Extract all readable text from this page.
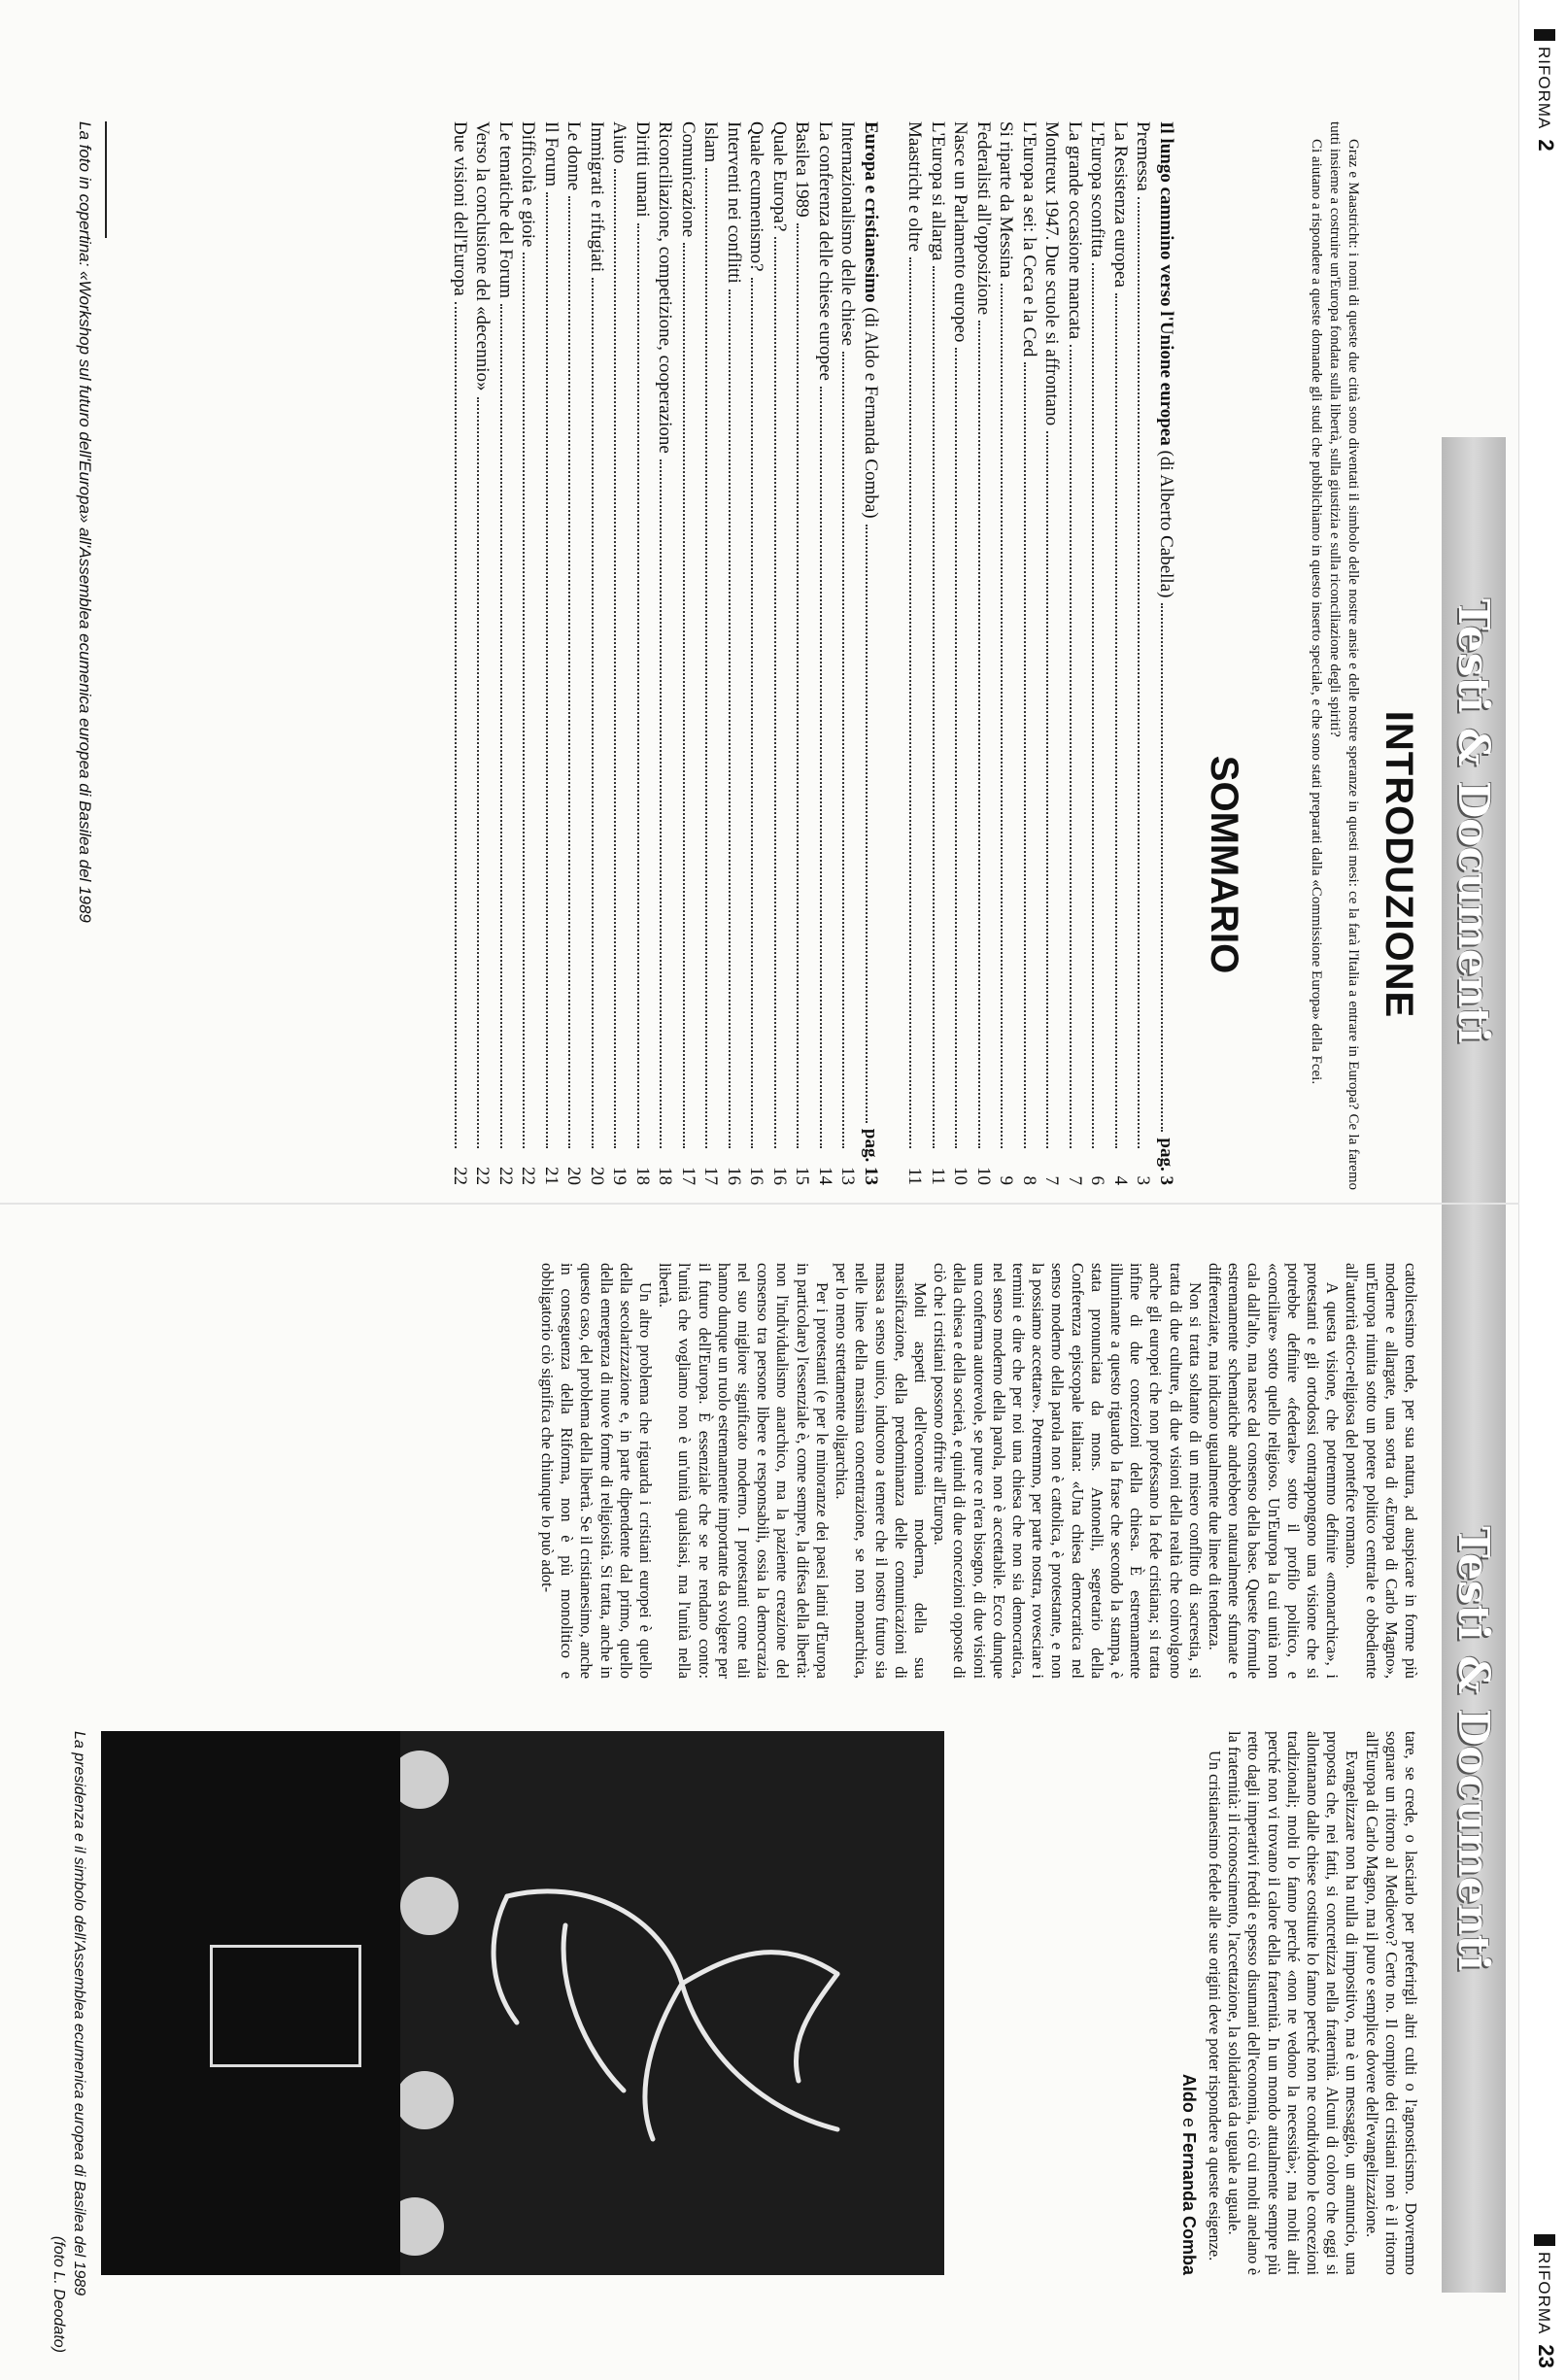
RIFORMA2
RIFORMA23
Testi & Documenti
Testi & Documenti
INTRODUZIONE

Graz e Maastricht: i nomi di queste due città sono diventati il simbolo delle nostre ansie e delle nostre speranze in questi mesi: ce la farà l'Italia a entrare in Europa? Ce la faremo tutti insieme a costruire un'Europa fondata sulla libertà, sulla giustizia e sulla riconciliazione degli spiriti?

Ci aiutano a rispondere a queste domande gli studi che pubblichiamo in questo inserto speciale, e che sono stati preparati dalla «Commissione Europa» della Fcei.

SOMMARIO
Il lungo cammino verso l'Unione europea (di Alberto Cabella)
pag. 3
Premessa
3
La Resistenza europea
4
L'Europa sconfitta
6
La grande occasione mancata
7
Montreux 1947. Due scuole si affrontano
7
L'Europa a sei: la Ceca e la Ced
8
Si riparte da Messina
9
Federalisti all'opposizione
10
Nasce un Parlamento europeo
10
L'Europa si allarga
11
Maastricht e oltre
11
Europa e cristianesimo (di Aldo e Fernanda Comba)
pag. 13
Internazionalismo delle chiese
13
La conferenza delle chiese europee
14
Basilea 1989
15
Quale Europa?
16
Quale ecumenismo?
16
Interventi nei conflitti
16
Islam
17
Comunicazione
17
Riconciliazione, competizione, cooperazione
18
Diritti umani
18
Aiuto
19
Immigrati e rifugiati
20
Le donne
20
Il Forum
21
Difficoltà e gioie
22
Le tematiche del Forum
22
Verso la conclusione del «decennio»
22
Due visioni dell'Europa
22
La foto in copertina: «Workshop sul futuro dell'Europa» all'Assemblea ecumenica europea di Basilea del 1989

cattolicesimo tende, per sua natura, ad auspicare in forme più moderne e allargate, una sorta di «Europa di Carlo Magno», un'Europa riunita sotto un potere politico centrale e obbediente all'autorità etico-religiosa del pontefice romano.

A questa visione, che potremmo definire «monarchica», i protestanti e gli ortodossi contrappongono una visione che si potrebbe definire «federale» sotto il profilo politico, e «conciliare» sotto quello religioso. Un'Europa la cui unità non cala dall'alto, ma nasce dal consenso della base. Queste formule estremamente schematiche andrebbero naturalmente sfumate e differenziate, ma indicano ugualmente due linee di tendenza.

Non si tratta soltanto di un misero conflitto di sacrestia, si tratta di due culture, di due visioni della realtà che coinvolgono anche gli europei che non professano la fede cristiana; si tratta infine di due concezioni della chiesa. È estremamente illuminante a questo riguardo la frase che secondo la stampa, è stata pronunciata da mons. Antonelli, segretario della Conferenza episcopale italiana: «Una chiesa democratica nel senso moderno della parola non è cattolica, è protestante, e non la possiamo accettare». Potremmo, per parte nostra, rovesciare i termini e dire che per noi una chiesa che non sia democratica, nel senso moderno della parola, non è accettabile. Ecco dunque una conferma autorevole, se pure ce n'era bisogno, di due visioni della chiesa e della società, e quindi di due concezioni opposte di ciò che i cristiani possono offrire all'Europa.

Molti aspetti dell'economia moderna, della sua massificazione, della predominanza delle comunicazioni di massa a senso unico, inducono a temere che il nostro futuro sia nelle linee della massima concentrazione, se non monarchica, per lo meno strettamente oligarchica.

Per i protestanti (e per le minoranze dei paesi latini d'Europa in particolare) l'essenziale è, come sempre, la difesa della libertà: non l'individualismo anarchico, ma la paziente creazione del consenso tra persone libere e responsabili, ossia la democrazia nel suo migliore significato moderno. I protestanti come tali hanno dunque un ruolo estremamente importante da svolgere per il futuro dell'Europa. È essenziale che se ne rendano conto: l'unità che vogliamo non è un'unità qualsiasi, ma l'unità nella libertà.

Un altro problema che riguarda i cristiani europei è quello della secolarizzazione e, in parte dipendente dal primo, quello della emergenza di nuove forme di religiosità. Si tratta, anche in questo caso, del problema della libertà. Se il cristianesimo, anche in conseguenza della Riforma, non è più monolitico e obbligatorio ciò significa che chiunque lo può adot-

tare, se crede, o lasciarlo per preferirgli altri culti o l'agnosticismo. Dovremmo sognare un ritorno al Medioevo? Certo no. Il compito dei cristiani non è il ritorno all'Europa di Carlo Magno, ma il puro e semplice dovere dell'evangelizzazione.

Evangelizzare non ha nulla di impositivo, ma è un messaggio, un annuncio, una proposta che, nei fatti, si concretizza nella fraternità. Alcuni di coloro che oggi si allontanano dalle chiese costituite lo fanno perché non ne condividono le concezioni tradizionali; molti lo fanno perché «non ne vedono la necessità»; ma molti altri perché non vi trovano il calore della fraternità. In un mondo attualmente sempre più retto dagli imperativi freddi e spesso disumani dell'economia, ciò cui molti anelano è la fraternità: il riconoscimento, l'accettazione, la solidarietà da uguale a uguale.

Un cristianesimo fedele alle sue origini deve poter rispondere a queste esigenze.

Aldo e Fernanda Comba
La presidenza e il simbolo dell'Assemblea ecumenica europea di Basilea del 1989
(foto L. Deodato)
